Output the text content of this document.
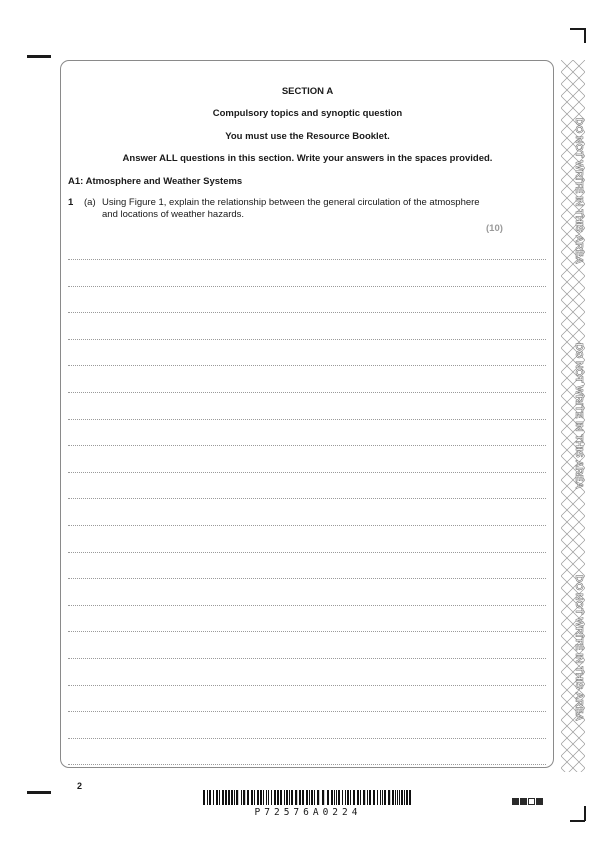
SECTION A
Compulsory topics and synoptic question
You must use the Resource Booklet.
Answer ALL questions in this section. Write your answers in the spaces provided.
A1: Atmosphere and Weather Systems
1 (a) Using Figure 1, explain the relationship between the general circulation of the atmosphere and locations of weather hazards.
(10)	DO NOT WRITE IN THIS AREA
DO NOT WRITE IN THIS AREA
DO NOT WRITE IN THIS AREA
2
P72576A0224
